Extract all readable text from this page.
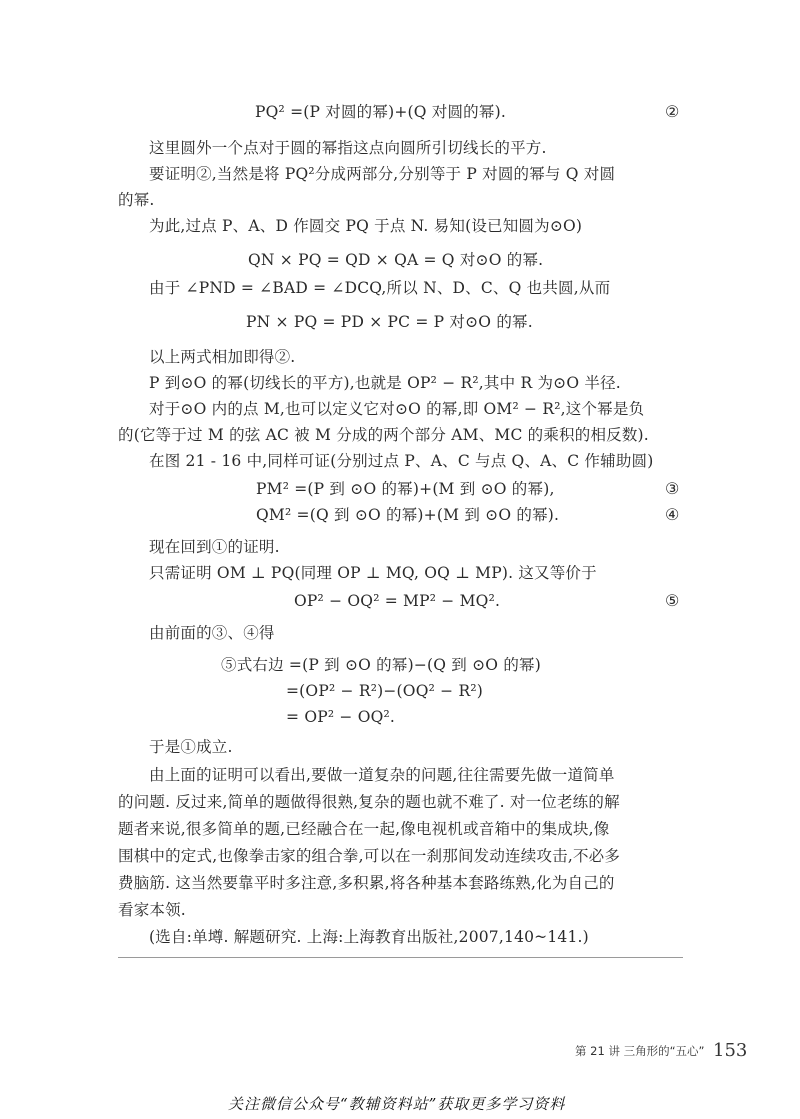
PQ² =(P 对圆的幂)+(Q 对圆的幂).	②
这里圆外一个点对于圆的幂指这点向圆所引切线长的平方.
要证明②,当然是将 PQ²分成两部分,分别等于 P 对圆的幂与 Q 对圆
的幂.
为此,过点 P、A、D 作圆交 PQ 于点 N. 易知(设已知圆为⊙O)
QN × PQ = QD × QA = Q 对⊙O 的幂.
由于 ∠PND = ∠BAD = ∠DCQ,所以 N、D、C、Q 也共圆,从而
PN × PQ = PD × PC = P 对⊙O 的幂.
以上两式相加即得②.
P 到⊙O 的幂(切线长的平方),也就是 OP² − R²,其中 R 为⊙O 半径.
对于⊙O 内的点 M,也可以定义它对⊙O 的幂,即 OM² − R²,这个幂是负
的(它等于过 M 的弦 AC 被 M 分成的两个部分 AM、MC 的乘积的相反数).
在图 21 - 16 中,同样可证(分别过点 P、A、C 与点 Q、A、C 作辅助圆)
PM² =(P 到 ⊙O 的幂)+(M 到 ⊙O 的幂),	③
QM² =(Q 到 ⊙O 的幂)+(M 到 ⊙O 的幂).	④
现在回到①的证明.
只需证明 OM ⊥ PQ(同理 OP ⊥ MQ, OQ ⊥ MP). 这又等价于
OP² − OQ² = MP² − MQ².	⑤
由前面的③、④得
⑤式右边 =(P 到 ⊙O 的幂)−(Q 到 ⊙O 的幂)
=(OP² − R²)−(OQ² − R²)
= OP² − OQ².
于是①成立.
由上面的证明可以看出,要做一道复杂的问题,往往需要先做一道简单
的问题. 反过来,简单的题做得很熟,复杂的题也就不难了. 对一位老练的解
题者来说,很多简单的题,已经融合在一起,像电视机或音箱中的集成块,像
围棋中的定式,也像拳击家的组合拳,可以在一刹那间发动连续攻击,不必多
费脑筋. 这当然要靠平时多注意,多积累,将各种基本套路练熟,化为自己的
看家本领.
(选自:单墫. 解题研究. 上海:上海教育出版社,2007,140~141.)
第 21 讲 三角形的“五心” 153
关注微信公众号“教辅资料站”获取更多学习资料
